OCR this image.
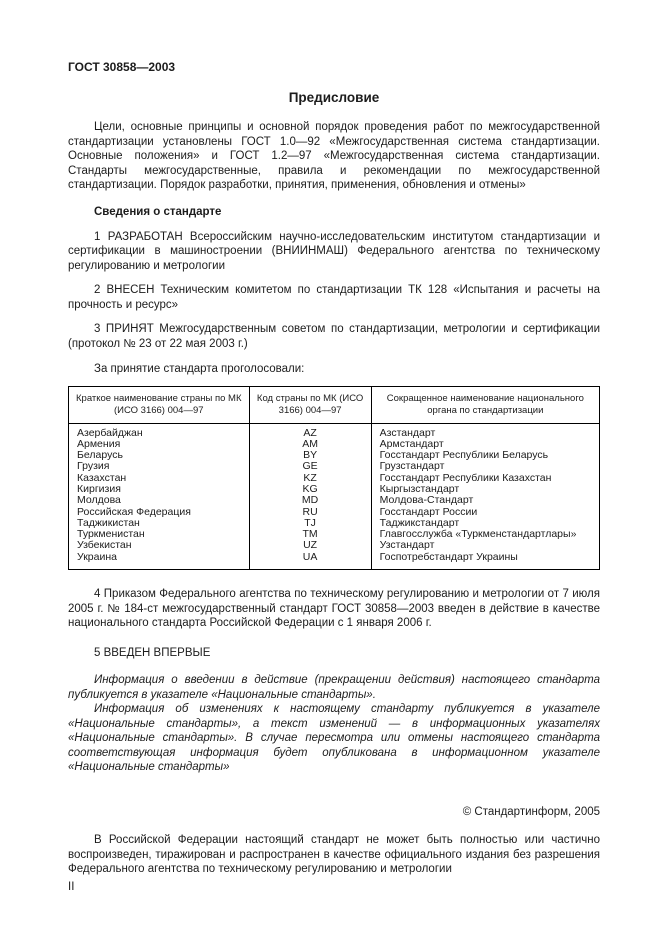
ГОСТ 30858—2003
Предисловие

Цели, основные принципы и основной порядок проведения работ по межгосударственной стандартизации установлены ГОСТ 1.0—92 «Межгосударственная система стандартизации. Основные положения» и ГОСТ 1.2—97 «Межгосударственная система стандартизации. Стандарты межгосударственные, правила и рекомендации по межгосударственной стандартизации. Порядок разработки, принятия, применения, обновления и отмены»

Сведения о стандарте

1 РАЗРАБОТАН Всероссийским научно-исследовательским институтом стандартизации и сертификации в машиностроении (ВНИИНМАШ) Федерального агентства по техническому регулированию и метрологии

2 ВНЕСЕН Техническим комитетом по стандартизации ТК 128 «Испытания и расчеты на прочность и ресурс»

3 ПРИНЯТ Межгосударственным советом по стандартизации, метрологии и сертификации (протокол № 23 от 22 мая 2003 г.)

За принятие стандарта проголосовали:

Краткое наименование страны по МК (ИСО 3166) 004—97	Код страны по МК (ИСО 3166) 004—97	Сокращенное наименование национального органа по стандартизации
Азербайджан	AZ	Азстандарт
Армения	AM	Армстандарт
Беларусь	BY	Госстандарт Республики Беларусь
Грузия	GE	Грузстандарт
Казахстан	KZ	Госстандарт Республики Казахстан
Киргизия	KG	Кыргызстандарт
Молдова	MD	Молдова-Стандарт
Российская Федерация	RU	Госстандарт России
Таджикистан	TJ	Таджикстандарт
Туркменистан	TM	Главгосслужба «Туркменстандартлары»
Узбекистан	UZ	Узстандарт
Украина	UA	Госпотребстандарт Украины

4 Приказом Федерального агентства по техническому регулированию и метрологии от 7 июля 2005 г. № 184-ст межгосударственный стандарт ГОСТ 30858—2003 введен в действие в качестве национального стандарта Российской Федерации с 1 января 2006 г.

5 ВВЕДЕН ВПЕРВЫЕ

Информация о введении в действие (прекращении действия) настоящего стандарта публикуется в указателе «Национальные стандарты».

Информация об изменениях к настоящему стандарту публикуется в указателе «Национальные стандарты», а текст изменений — в информационных указателях «Национальные стандарты». В случае пересмотра или отмены настоящего стандарта соответствующая информация будет опубликована в информационном указателе «Национальные стандарты»

© Стандартинформ, 2005

В Российской Федерации настоящий стандарт не может быть полностью или частично воспроизведен, тиражирован и распространен в качестве официального издания без разрешения Федерального агентства по техническому регулированию и метрологии

II
